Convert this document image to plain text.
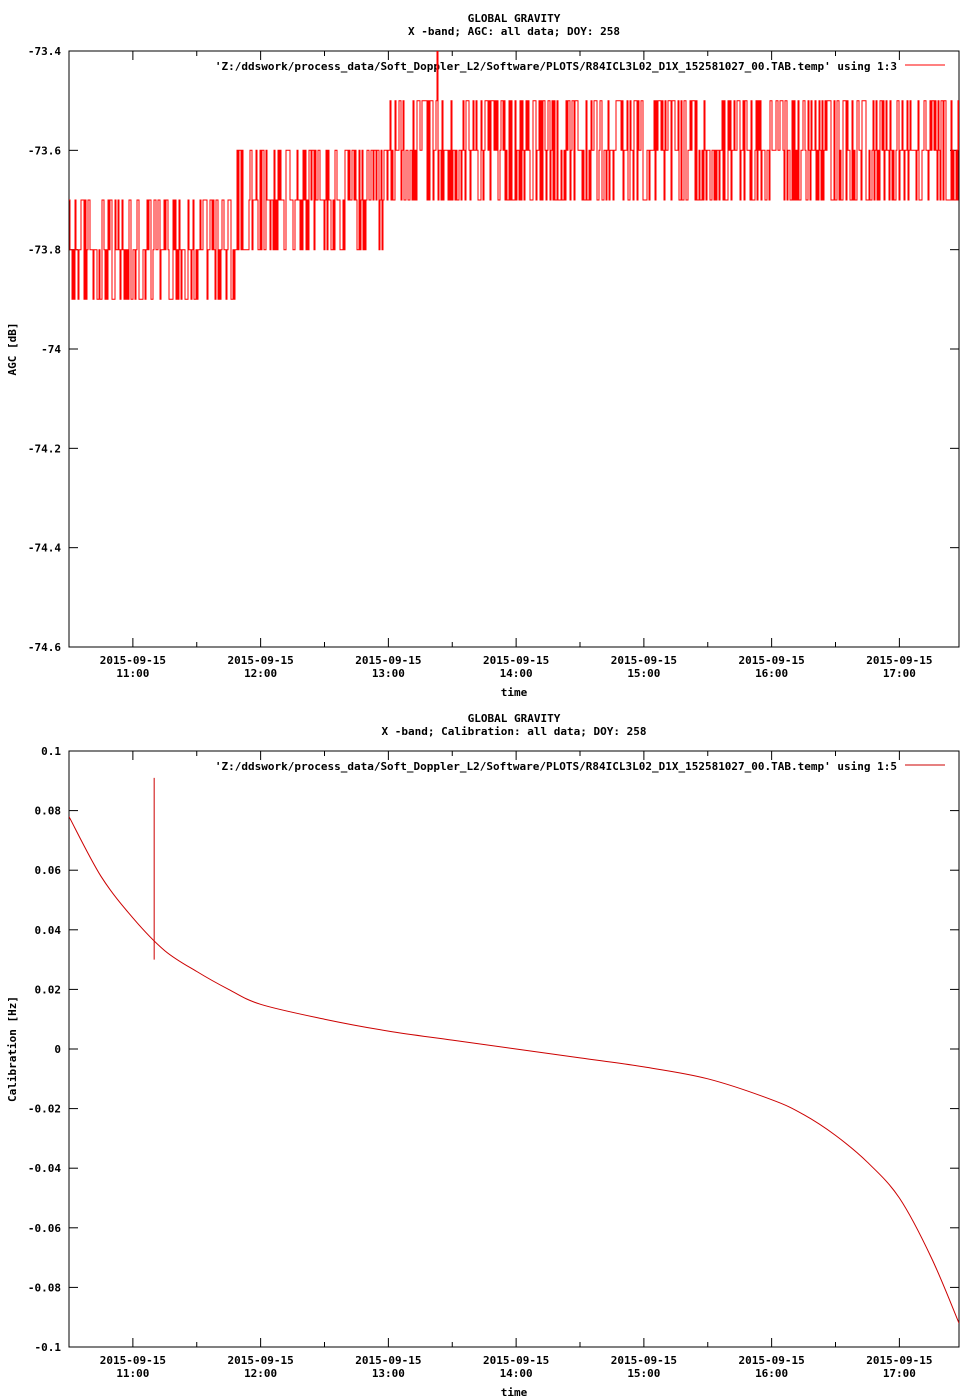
GLOBAL GRAVITY
X -band; AGC: all data; DOY: 258
-73.4
-73.6
-73.8
-74
-74.2
-74.4
-74.6
2015-09-15
11:00
2015-09-15
12:00
2015-09-15
13:00
2015-09-15
14:00
2015-09-15
15:00
2015-09-15
16:00
2015-09-15
17:00
time
AGC [dB]
'Z:/ddswork/process_data/Soft_Doppler_L2/Software/PLOTS/R84ICL3L02_D1X_152581027_00.TAB.temp' using 1:3
GLOBAL GRAVITY
X -band; Calibration: all data; DOY: 258
0.1
0.08
0.06
0.04
0.02
0
-0.02
-0.04
-0.06
-0.08
-0.1
2015-09-15
11:00
2015-09-15
12:00
2015-09-15
13:00
2015-09-15
14:00
2015-09-15
15:00
2015-09-15
16:00
2015-09-15
17:00
time
Calibration [Hz]
'Z:/ddswork/process_data/Soft_Doppler_L2/Software/PLOTS/R84ICL3L02_D1X_152581027_00.TAB.temp' using 1:5
